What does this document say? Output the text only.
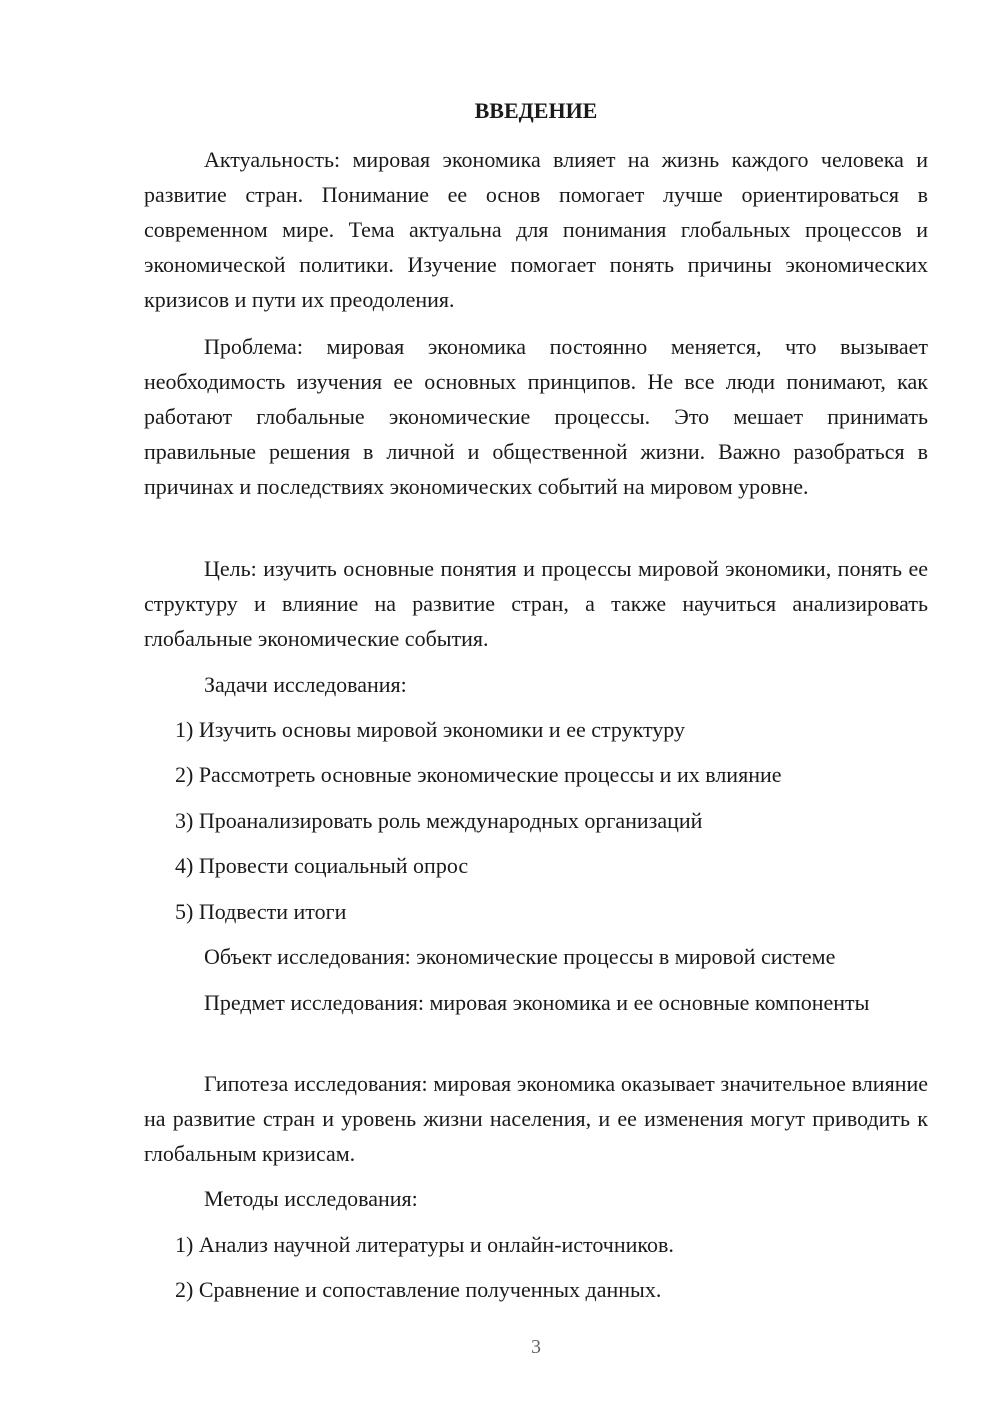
ВВЕДЕНИЕ

Актуальность: мировая экономика влияет на жизнь каждого человека и развитие стран. Понимание ее основ помогает лучше ориентироваться в современном мире. Тема актуальна для понимания глобальных процессов и экономической политики. Изучение помогает понять причины экономических кризисов и пути их преодоления.

Проблема: мировая экономика постоянно меняется, что вызывает необходимость изучения ее основных принципов. Не все люди понимают, как работают глобальные экономические процессы. Это мешает принимать правильные решения в личной и общественной жизни. Важно разобраться в причинах и последствиях экономических событий на мировом уровне.

Цель: изучить основные понятия и процессы мировой экономики, понять ее структуру и влияние на развитие стран, а также научиться анализировать глобальные экономические события.

Задачи исследования:

1) Изучить основы мировой экономики и ее структуру

2) Рассмотреть основные экономические процессы и их влияние

3) Проанализировать роль международных организаций

4) Провести социальный опрос

5) Подвести итоги

Объект исследования: экономические процессы в мировой системе

Предмет исследования: мировая экономика и ее основные компоненты

Гипотеза исследования: мировая экономика оказывает значительное влияние на развитие стран и уровень жизни населения, и ее изменения могут приводить к глобальным кризисам.

Методы исследования:

1) Анализ научной литературы и онлайн-источников.

2) Сравнение и сопоставление полученных данных.

3
